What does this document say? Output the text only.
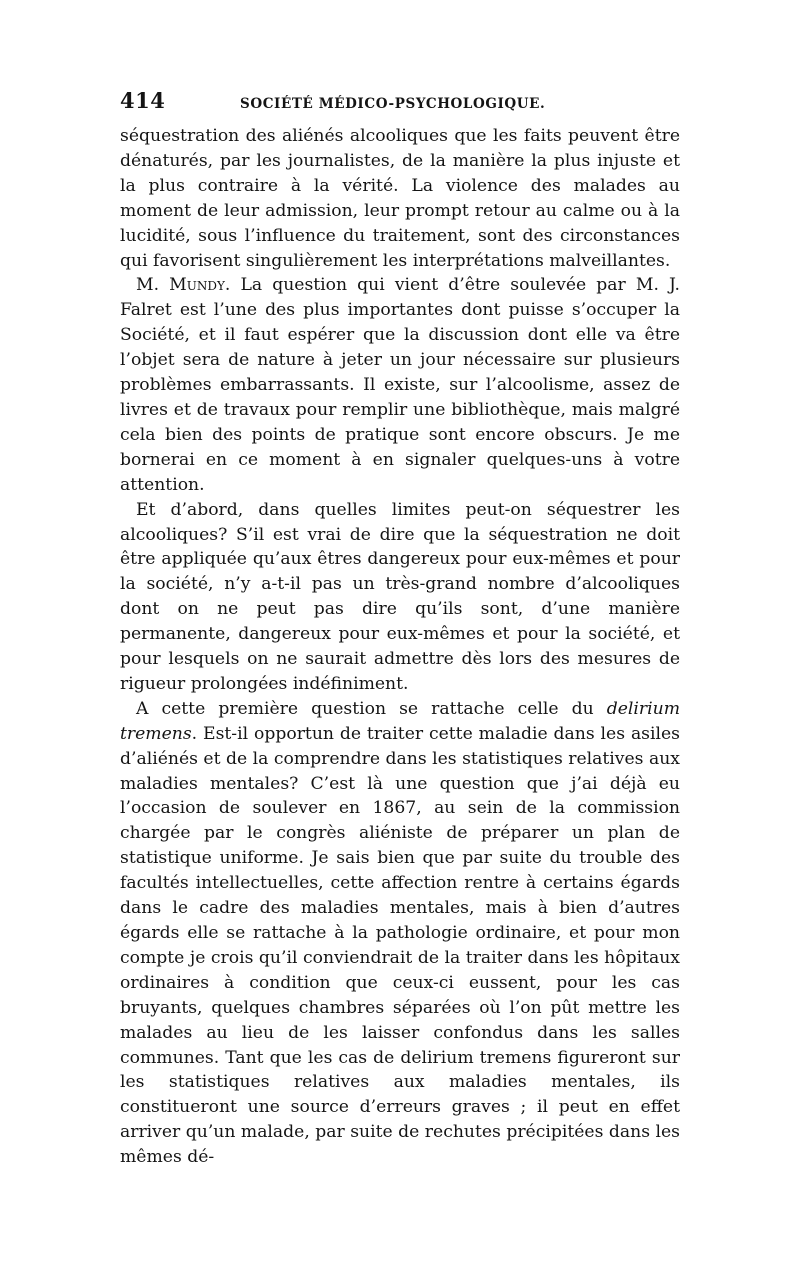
414	SOCIÉTÉ MÉDICO-PSYCHOLOGIQUE.

séquestration des aliénés alcooliques que les faits peuvent être dénaturés, par les journalistes, de la manière la plus injuste et la plus contraire à la vérité. La violence des malades au moment de leur admission, leur prompt retour au calme ou à la lucidité, sous l’influence du traitement, sont des circonstances qui favorisent singulièrement les interprétations malveillantes.

M. Mundy. La question qui vient d’être soulevée par M. J. Falret est l’une des plus importantes dont puisse s’occuper la Société, et il faut espérer que la discussion dont elle va être l’objet sera de nature à jeter un jour nécessaire sur plusieurs problèmes embarrassants. Il existe, sur l’alcoolisme, assez de livres et de travaux pour remplir une bibliothèque, mais malgré cela bien des points de pratique sont encore obscurs. Je me bornerai en ce moment à en signaler quelques-uns à votre attention.

Et d’abord, dans quelles limites peut-on séquestrer les alcooliques? S’il est vrai de dire que la séquestration ne doit être appliquée qu’aux êtres dangereux pour eux-mêmes et pour la société, n’y a-t-il pas un très-grand nombre d’alcooliques dont on ne peut pas dire qu’ils sont, d’une manière permanente, dangereux pour eux-mêmes et pour la société, et pour lesquels on ne saurait admettre dès lors des mesures de rigueur prolongées indéfiniment.

A cette première question se rattache celle du delirium tremens. Est-il opportun de traiter cette maladie dans les asiles d’aliénés et de la comprendre dans les statistiques relatives aux maladies mentales? C’est là une question que j’ai déjà eu l’occasion de soulever en 1867, au sein de la commission chargée par le congrès aliéniste de préparer un plan de statistique uniforme. Je sais bien que par suite du trouble des facultés intellectuelles, cette affection rentre à certains égards dans le cadre des maladies mentales, mais à bien d’autres égards elle se rattache à la pathologie ordinaire, et pour mon compte je crois qu’il conviendrait de la traiter dans les hôpitaux ordinaires à condition que ceux-ci eussent, pour les cas bruyants, quelques chambres séparées où l’on pût mettre les malades au lieu de les laisser confondus dans les salles communes. Tant que les cas de delirium tremens figureront sur les statistiques relatives aux maladies mentales, ils constitueront une source d’erreurs graves ; il peut en effet arriver qu’un malade, par suite de rechutes précipitées dans les mêmes dé-
